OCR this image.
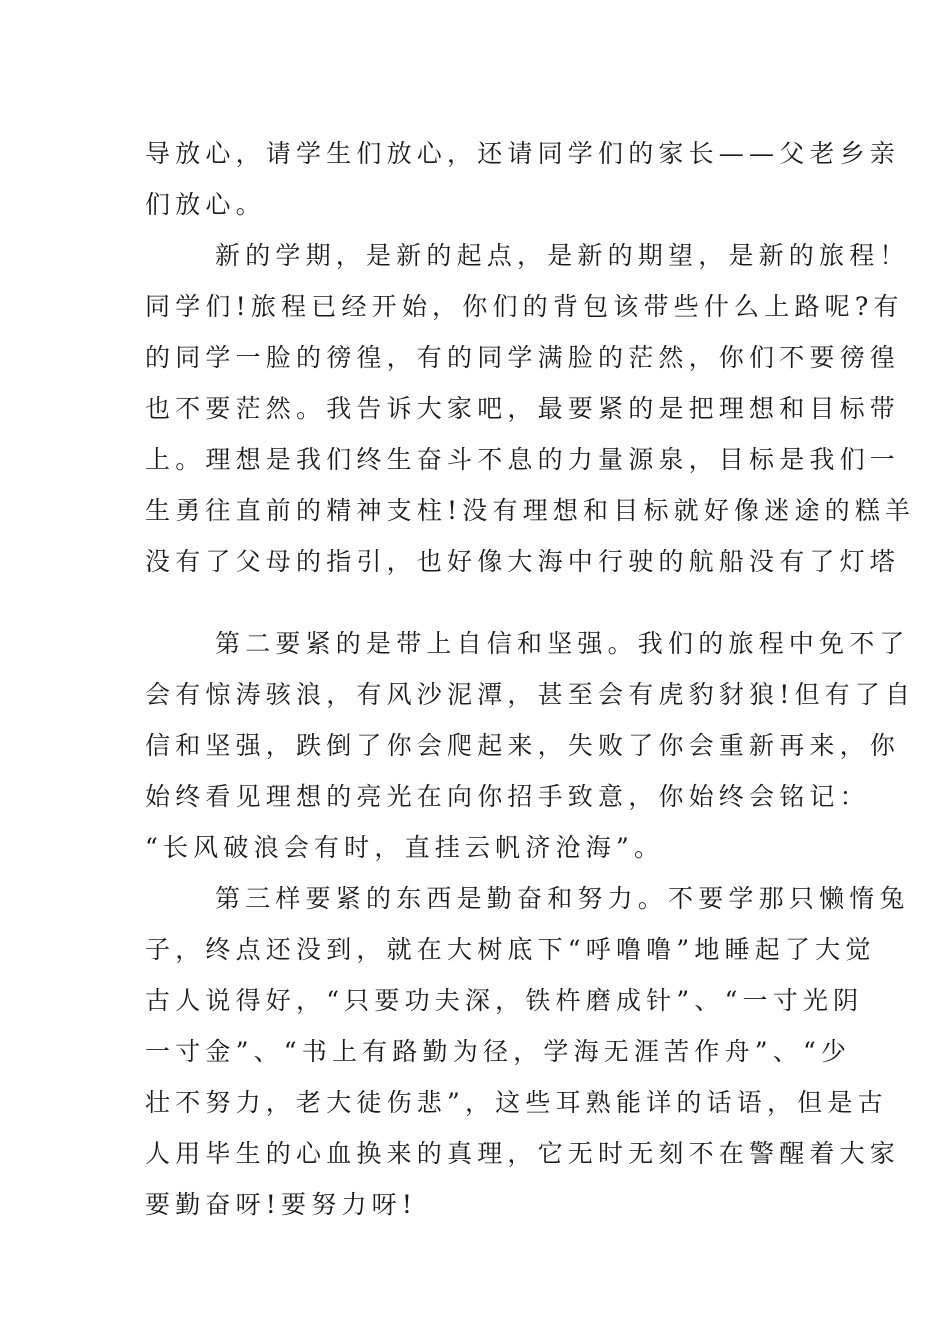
导放心，请学生们放心，还请同学们的家长——父老乡亲
们放心。
新的学期，是新的起点，是新的期望，是新的旅程！
同学们!旅程已经开始，你们的背包该带些什么上路呢?有
的同学一脸的徬徨，有的同学满脸的茫然，你们不要徬徨
也不要茫然。我告诉大家吧，最要紧的是把理想和目标带
上。理想是我们终生奋斗不息的力量源泉，目标是我们一
生勇往直前的精神支柱!没有理想和目标就好像迷途的糕羊
没有了父母的指引，也好像大海中行驶的航船没有了灯塔
第二要紧的是带上自信和坚强。我们的旅程中免不了
会有惊涛骇浪，有风沙泥潭，甚至会有虎豹豺狼!但有了自
信和坚强，跌倒了你会爬起来，失败了你会重新再来，你
始终看见理想的亮光在向你招手致意，你始终会铭记：
“长风破浪会有时，直挂云帆济沧海”。
第三样要紧的东西是勤奋和努力。不要学那只懒惰兔
子，终点还没到，就在大树底下“呼噜噜”地睡起了大觉
古人说得好，“只要功夫深，铁杵磨成针”、“一寸光阴
一寸金”、“书上有路勤为径，学海无涯苦作舟”、“少
壮不努力，老大徒伤悲”，这些耳熟能详的话语，但是古
人用毕生的心血换来的真理，它无时无刻不在警醒着大家
要勤奋呀!要努力呀!
